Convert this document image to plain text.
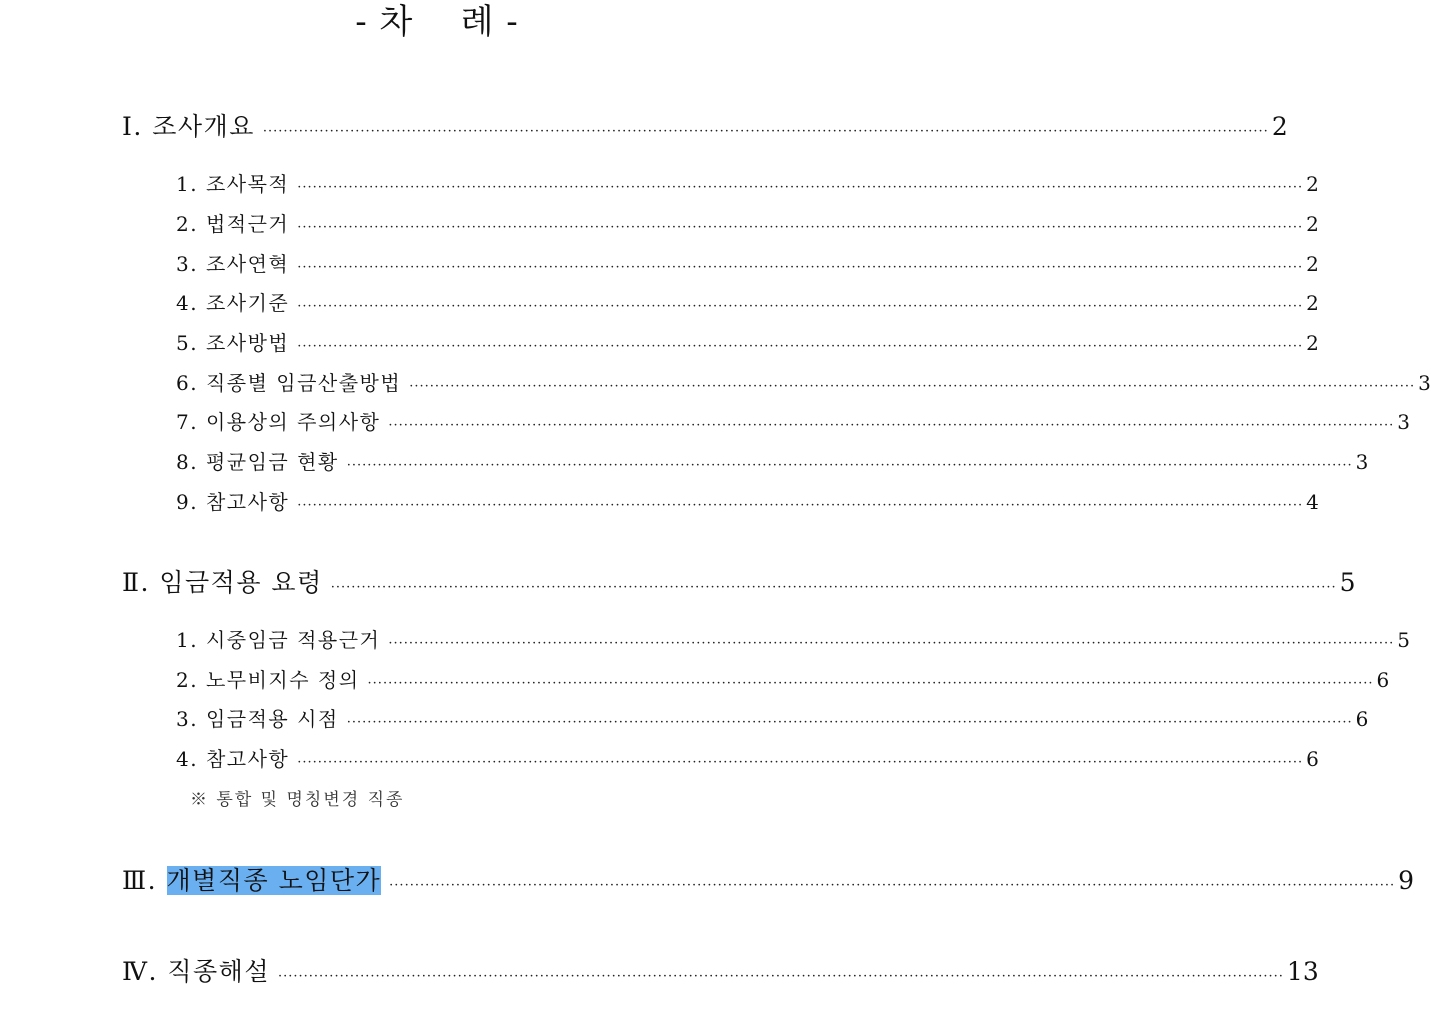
- 차    례 -
Ⅰ. 조사개요 ···································································································································································································· 2
1. 조사목적 ···································································································································································································· 2
2. 법적근거 ···································································································································································································· 2
3. 조사연혁 ···································································································································································································· 2
4. 조사기준 ···································································································································································································· 2
5. 조사방법 ···································································································································································································· 2
6. 직종별 임금산출방법 ···································································································································································································· 3
7. 이용상의 주의사항 ···································································································································································································· 3
8. 평균임금 현황 ···································································································································································································· 3
9. 참고사항 ···································································································································································································· 4
Ⅱ. 임금적용 요령 ···································································································································································································· 5
1. 시중임금 적용근거 ···································································································································································································· 5
2. 노무비지수 정의 ···································································································································································································· 6
3. 임금적용 시점 ···································································································································································································· 6
4. 참고사항 ···································································································································································································· 6
※ 통합 및 명칭변경 직종
Ⅲ. 개별직종 노임단가 ···································································································································································································· 9
Ⅳ. 직종해설 ···································································································································································································· 13
